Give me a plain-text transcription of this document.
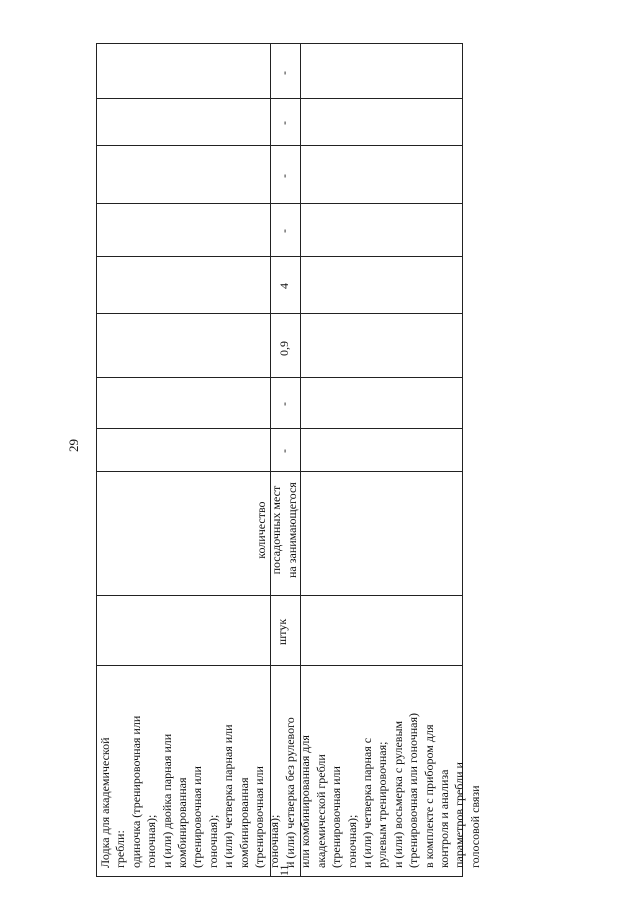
29
11.
Лодка для академической гребли: одиночка (тренировочная или гоночная); и (или) двойка парная или комбинированная (тренировочная или гоночная); и (или) четверка парная или комбинированная (тренировочная или гоночная); и (или) четверка без рулевого или комбинированная для академической гребли (тренировочная или гоночная); и (или) четверка парная с рулевым тренировочная; и (или) восьмерка с рулевым (тренировочная или гоночная) в комплекте с прибором для контроля и анализа параметров гребли и голосовой связи
штук
количество посадочных мест на занимающегося
-
-
0,9
4
-
-
-
-
